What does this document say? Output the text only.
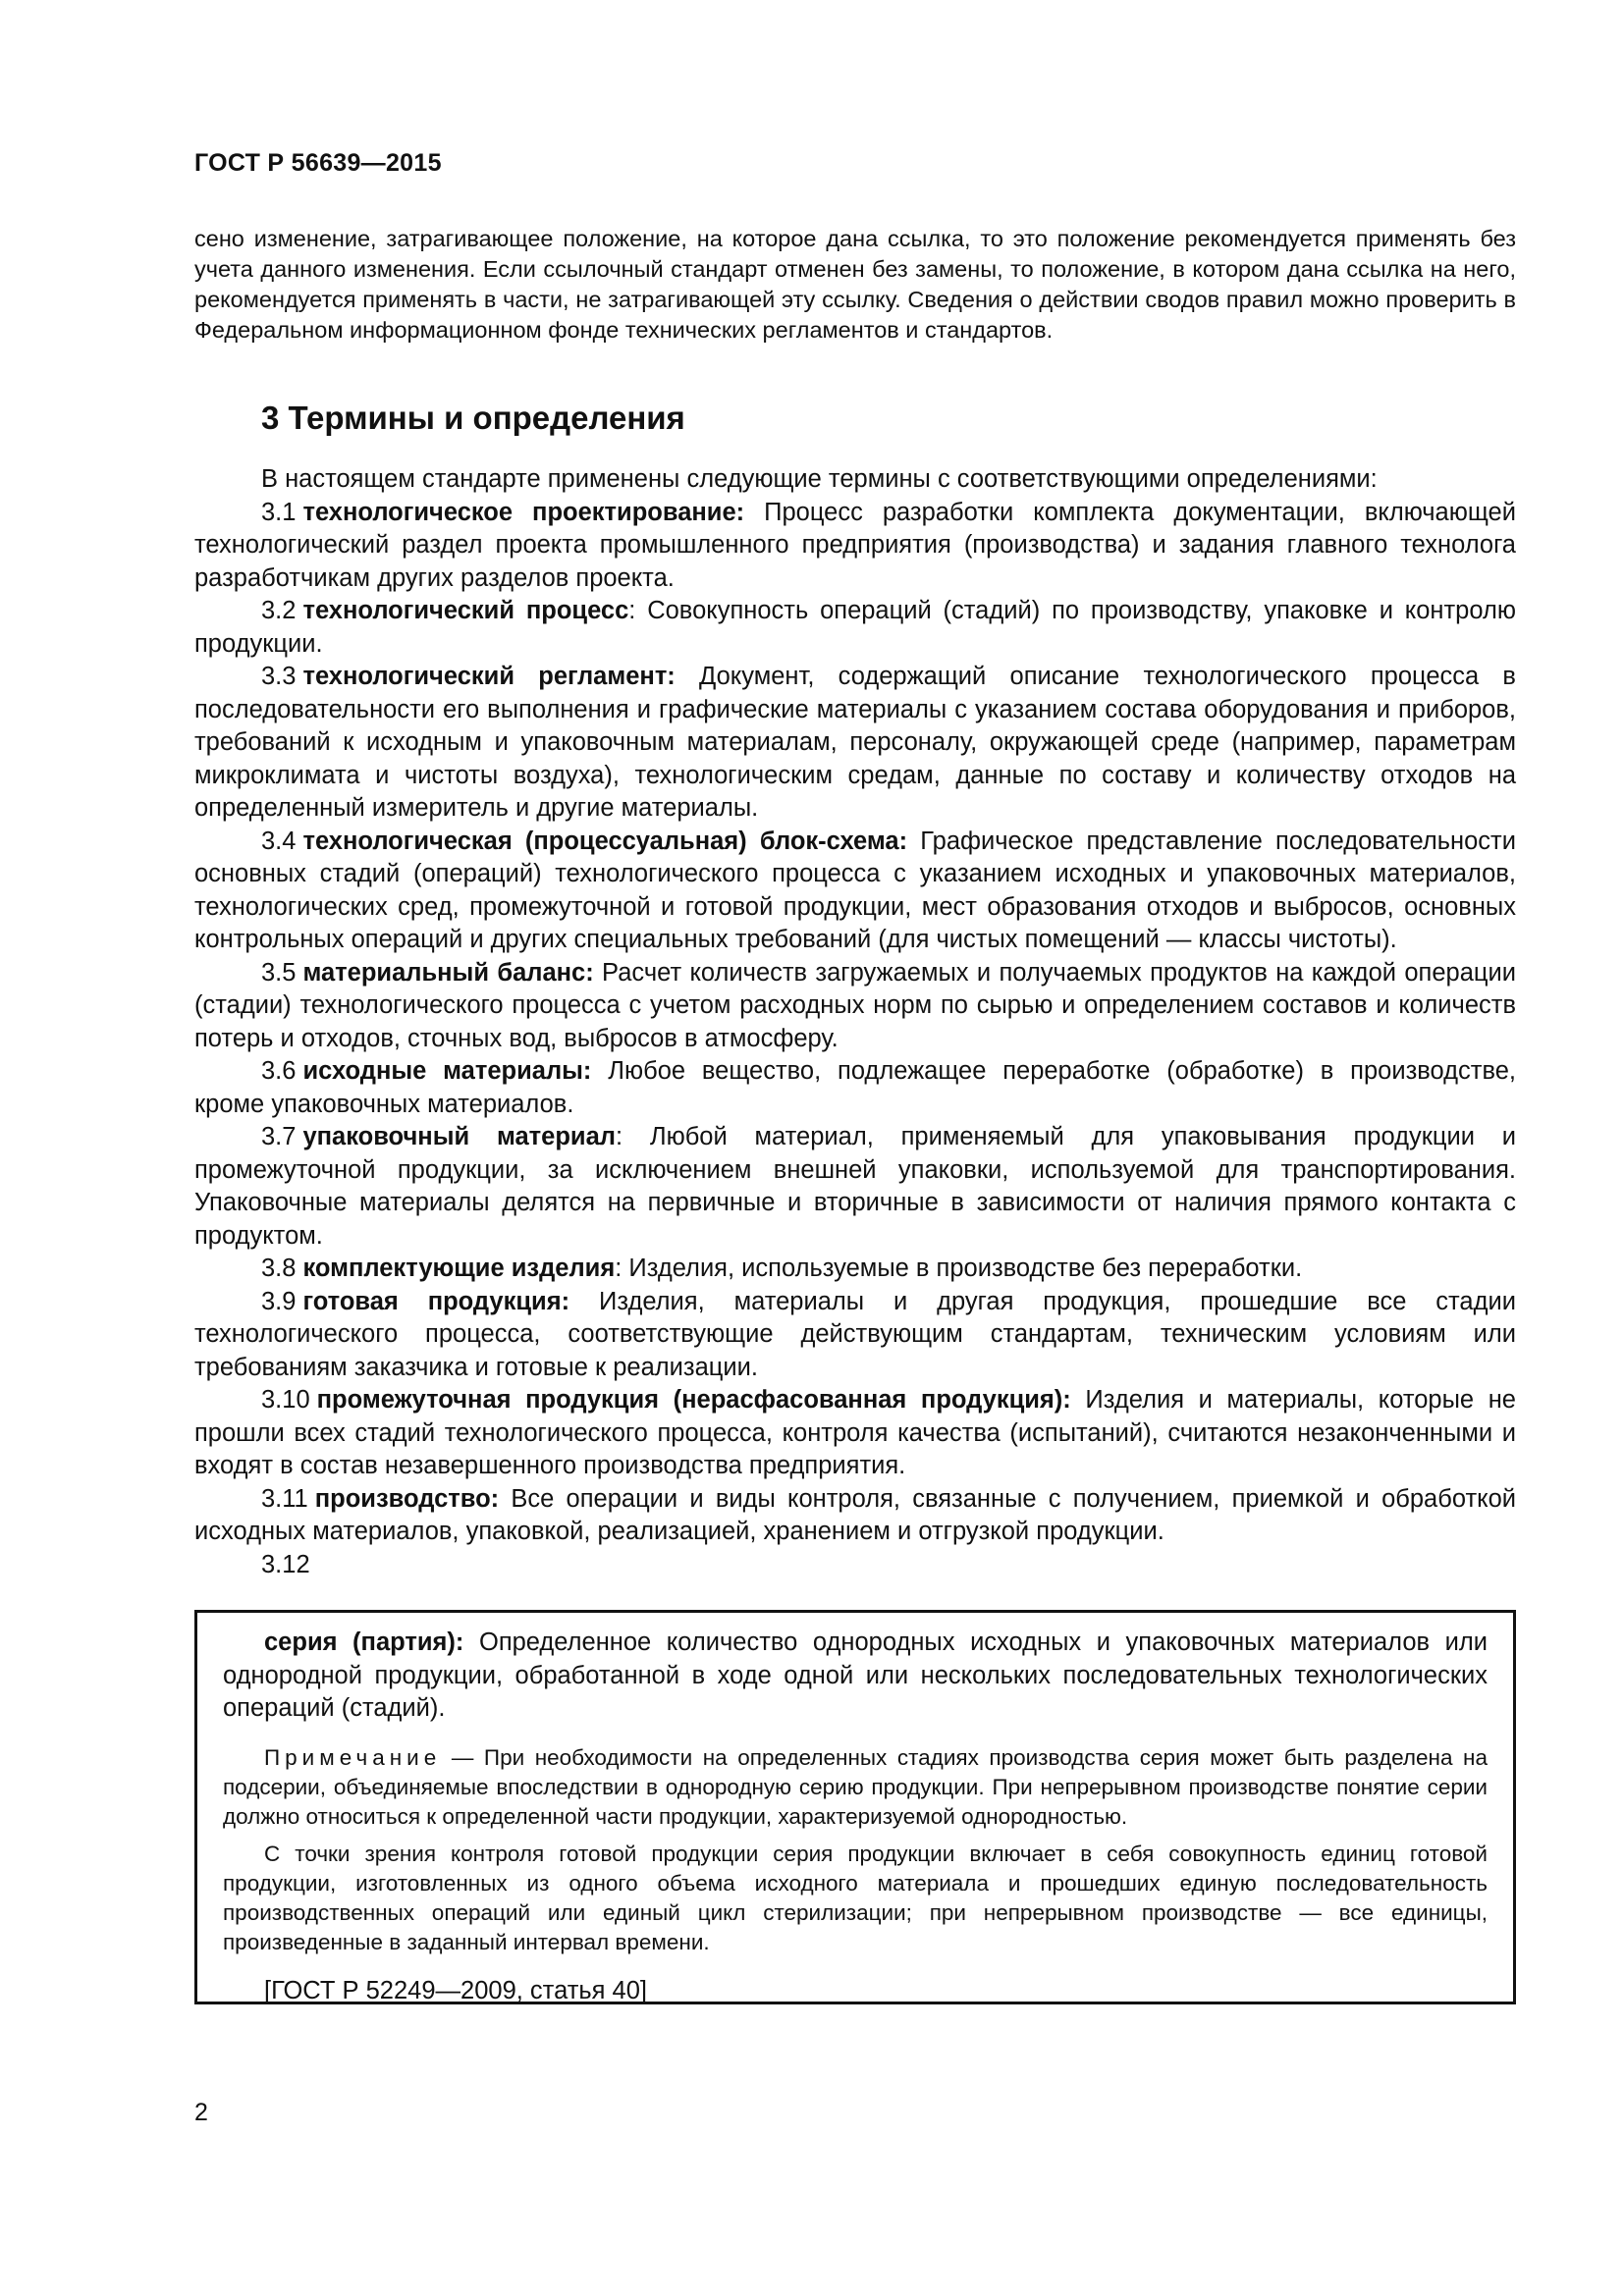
ГОСТ Р 56639—2015

сено изменение, затрагивающее положение, на которое дана ссылка, то это положение рекомендуется применять без учета данного изменения. Если ссылочный стандарт отменен без замены, то положение, в котором дана ссылка на него, рекомендуется применять в части, не затрагивающей эту ссылку. Сведения о действии сводов правил можно проверить в Федеральном информационном фонде технических регламентов и стандартов.

3 Термины и определения

В настоящем стандарте применены следующие термины с соответствующими определениями:

3.1 технологическое проектирование: Процесс разработки комплекта документации, включающей технологический раздел проекта промышленного предприятия (производства) и задания главного технолога разработчикам других разделов проекта.

3.2 технологический процесс: Совокупность операций (стадий) по производству, упаковке и контролю продукции.

3.3 технологический регламент: Документ, содержащий описание технологического процесса в последовательности его выполнения и графические материалы с указанием состава оборудования и приборов, требований к исходным и упаковочным материалам, персоналу, окружающей среде (например, параметрам микроклимата и чистоты воздуха), технологическим средам, данные по составу и количеству отходов на определенный измеритель и другие материалы.

3.4 технологическая (процессуальная) блок-схема: Графическое представление последовательности основных стадий (операций) технологического процесса с указанием исходных и упаковочных материалов, технологических сред, промежуточной и готовой продукции, мест образования отходов и выбросов, основных контрольных операций и других специальных требований (для чистых помещений — классы чистоты).

3.5 материальный баланс: Расчет количеств загружаемых и получаемых продуктов на каждой операции (стадии) технологического процесса с учетом расходных норм по сырью и определением составов и количеств потерь и отходов, сточных вод, выбросов в атмосферу.

3.6 исходные материалы: Любое вещество, подлежащее переработке (обработке) в производстве, кроме упаковочных материалов.

3.7 упаковочный материал: Любой материал, применяемый для упаковывания продукции и промежуточной продукции, за исключением внешней упаковки, используемой для транспортирования. Упаковочные материалы делятся на первичные и вторичные в зависимости от наличия прямого контакта с продуктом.

3.8 комплектующие изделия: Изделия, используемые в производстве без переработки.

3.9 готовая продукция: Изделия, материалы и другая продукция, прошедшие все стадии технологического процесса, соответствующие действующим стандартам, техническим условиям или требованиям заказчика и готовые к реализации.

3.10 промежуточная продукция (нерасфасованная продукция): Изделия и материалы, которые не прошли всех стадий технологического процесса, контроля качества (испытаний), считаются незаконченными и входят в состав незавершенного производства предприятия.

3.11 производство: Все операции и виды контроля, связанные с получением, приемкой и обработкой исходных материалов, упаковкой, реализацией, хранением и отгрузкой продукции.

3.12

серия (партия): Определенное количество однородных исходных и упаковочных материалов или однородной продукции, обработанной в ходе одной или нескольких последовательных технологических операций (стадий).

Примечание — При необходимости на определенных стадиях производства серия может быть разделена на подсерии, объединяемые впоследствии в однородную серию продукции. При непрерывном производстве понятие серии должно относиться к определенной части продукции, характеризуемой однородностью.

С точки зрения контроля готовой продукции серия продукции включает в себя совокупность единиц готовой продукции, изготовленных из одного объема исходного материала и прошедших единую последовательность производственных операций или единый цикл стерилизации; при непрерывном производстве — все единицы, произведенные в заданный интервал времени.

[ГОСТ Р 52249—2009, статья 40]

2
